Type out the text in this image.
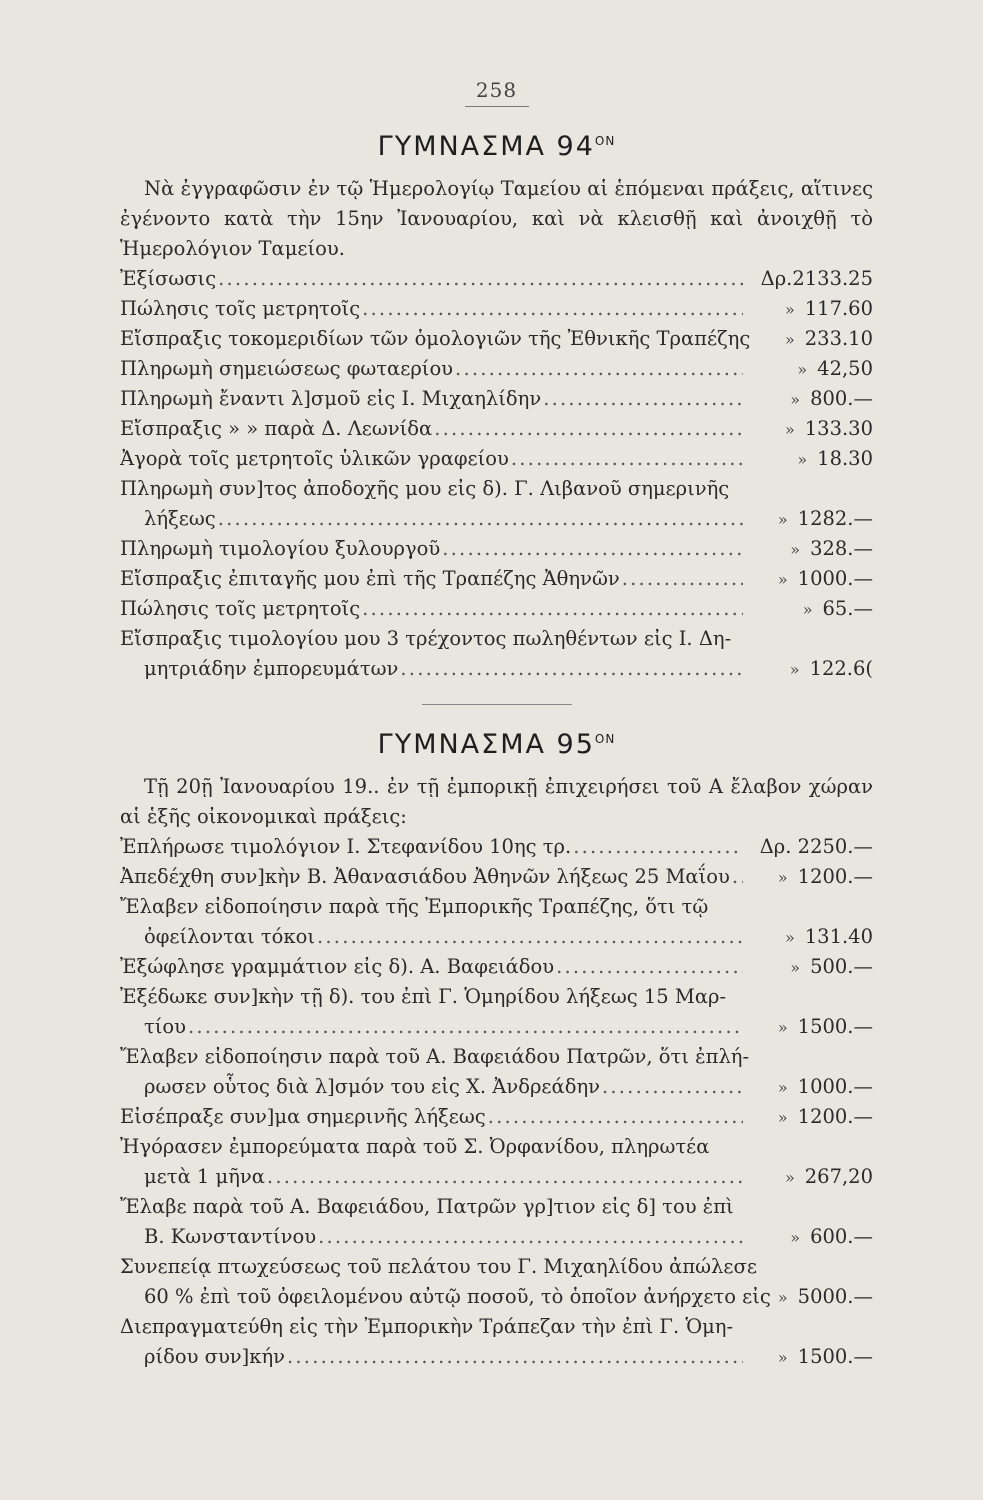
258
ΓΥΜΝΑΣΜΑ $94^{ON}$
Νὰ ἐγγραφῶσιν ἐν τῷ Ἡμερολογίῳ Ταμείου αἱ ἑπόμεναι πράξεις, αἵτινες ἐγένοντο κατὰ τὴν 15ην Ἰανουαρίου, καὶ νὰ κλεισθῇ καὶ ἀνοιχθῇ τὸ Ἡμερολόγιον Ταμείου.
Ἐξίσωσις . . .	Δρ.2133.25
Πώλησις τοῖς μετρητοῖς . . .	» 117.60
Εἴσπραξις τοκομεριδίων τῶν ὁμολογιῶν τῆς Ἐθνικῆς Τραπέζης » 233.10
Πληρωμὴ σημειώσεως φωταερίου . . .	» 42,50
Πληρωμὴ ἔναντι λ]σμοῦ εἰς Ι. Μιχαηλίδην . . .	» 800.—
Εἴσπραξις » » παρὰ Δ. Λεωνίδα . . .	» 133.30
Ἀγορὰ τοῖς μετρητοῖς ὑλικῶν γραφείου . . .	» 18.30
Πληρωμὴ συν]τος ἀποδοχῆς μου εἰς δ). Γ. Λιβανοῦ σημερινῆς
λήξεως . . .	» 1282.—
Πληρωμὴ τιμολογίου ξυλουργοῦ . . .	» 328.—
Εἴσπραξις ἐπιταγῆς μου ἐπὶ τῆς Τραπέζης Ἀθηνῶν . . .	» 1000.—
Πώλησις τοῖς μετρητοῖς . . .	» 65.—
Εἴσπραξις τιμολογίου μου 3 τρέχοντος πωληθέντων εἰς Ι. Δη-
μητριάδην ἐμπορευμάτων . . .	» 122.6(
ΓΥΜΝΑΣΜΑ $95^{ON}$
Τῇ 20ῇ Ἰανουαρίου 19.. ἐν τῇ ἐμπορικῇ ἐπιχειρήσει τοῦ Α ἔλαβον χώραν αἱ ἑξῆς οἰκονομικαὶ πράξεις:
Ἐπλήρωσε τιμολόγιον Ι. Στεφανίδου 10ης τρ. . . .	Δρ. 2250.—
Ἀπεδέχθη συν]κὴν Β. Ἀθανασιάδου Ἀθηνῶν λήξεως 25 Μαΐου . . .	» 1200.—
Ἔλαβεν εἰδοποίησιν παρὰ τῆς Ἐμπορικῆς Τραπέζης, ὅτι τῷ
ὀφείλονται τόκοι . . .	» 131.40
Ἐξώφλησε γραμμάτιον εἰς δ). Α. Βαφειάδου . . .	» 500.—
Ἐξέδωκε συν]κὴν τῇ δ). του ἐπὶ Γ. Ὁμηρίδου λήξεως 15 Μαρ-
τίου . . .	» 1500.—
Ἔλαβεν εἰδοποίησιν παρὰ τοῦ Α. Βαφειάδου Πατρῶν, ὅτι ἐπλή-
ρωσεν οὗτος διὰ λ]σμόν του εἰς Χ. Ἀνδρεάδην . . .	» 1000.—
Εἰσέπραξε συν]μα σημερινῆς λήξεως . . .	» 1200.—
Ἠγόρασεν ἐμπορεύματα παρὰ τοῦ Σ. Ὀρφανίδου, πληρωτέα
μετὰ 1 μῆνα . . .	» 267,20
Ἔλαβε παρὰ τοῦ Α. Βαφειάδου, Πατρῶν γρ]τιον εἰς δ] του ἐπὶ
Β. Κωνσταντίνου . . .	» 600.—
Συνεπείᾳ πτωχεύσεως τοῦ πελάτου του Γ. Μιχαηλίδου ἀπώλεσε
60 % ἐπὶ τοῦ ὀφειλομένου αὐτῷ ποσοῦ, τὸ ὁποῖον ἀνήρχετο εἰς » 5000.—
Διεπραγματεύθη εἰς τὴν Ἐμπορικὴν Τράπεζαν τὴν ἐπὶ Γ. Ὁμη-
ρίδου συν]κήν . . .	» 1500.—
